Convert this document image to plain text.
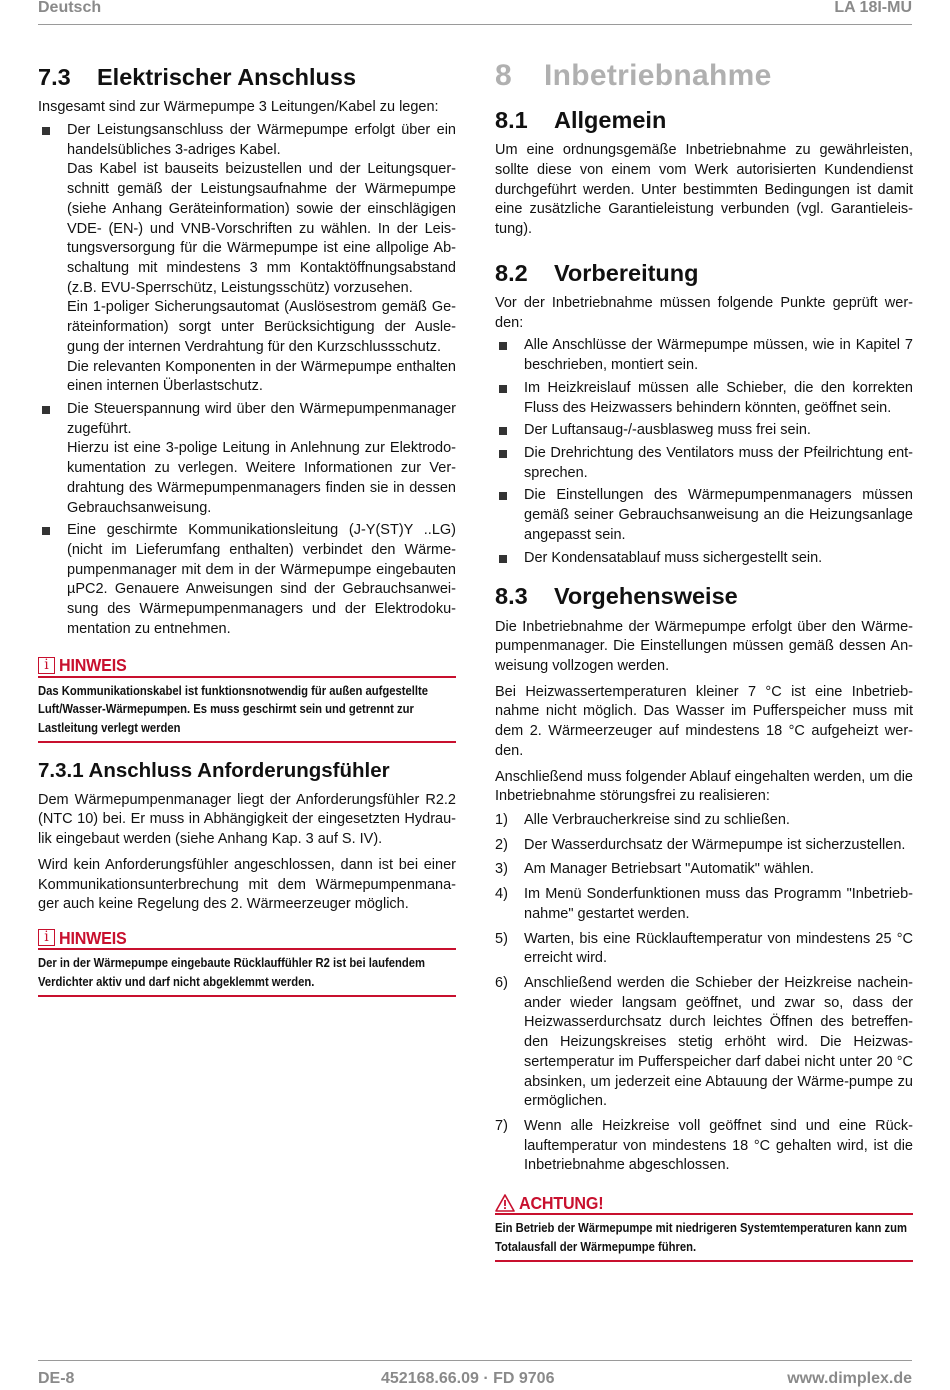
Deutsch	LA 18I-MU
7.3 Elektrischer Anschluss

Insgesamt sind zur Wärmepumpe 3 Leitungen/Kabel zu legen:

Der Leistungsanschluss der Wärmepumpe erfolgt über ein handelsübliches 3-adriges Kabel.

Das Kabel ist bauseits beizustellen und der Leitungsquer-schnitt gemäß der Leistungsaufnahme der Wärmepumpe (siehe Anhang Geräteinformation) sowie der einschlägigen VDE- (EN-) und VNB-Vorschriften zu wählen. In der Leis-tungsversorgung für die Wärmepumpe ist eine allpolige Ab-schaltung mit mindestens 3 mm Kontaktöffnungsabstand (z.B. EVU-Sperrschütz, Leistungsschütz) vorzusehen.

Ein 1-poliger Sicherungsautomat (Auslösestrom gemäß Ge-räteinformation) sorgt unter Berücksichtigung der Ausle-gung der internen Verdrahtung für den Kurzschlussschutz.

Die relevanten Komponenten in der Wärmepumpe enthalten einen internen Überlastschutz.

Die Steuerspannung wird über den Wärmepumpenmanager zugeführt.

Hierzu ist eine 3-polige Leitung in Anlehnung zur Elektrodo-kumentation zu verlegen. Weitere Informationen zur Ver-drahtung des Wärmepumpenmanagers finden sie in dessen Gebrauchsanweisung.

Eine geschirmte Kommunikationsleitung (J-Y(ST)Y ..LG) (nicht im Lieferumfang enthalten) verbindet den Wärme-pumpenmanager mit dem in der Wärmepumpe eingebauten µPC2. Genauere Anweisungen sind der Gebrauchsanwei-sung des Wärmepumpenmanagers und der Elektrodoku-mentation zu entnehmen.

i HINWEIS
Das Kommunikationskabel ist funktionsnotwendig für außen aufgestellte Luft/Wasser-Wärmepumpen. Es muss geschirmt sein und getrennt zur Lastleitung verlegt werden
7.3.1 Anschluss Anforderungsfühler

Dem Wärmepumpenmanager liegt der Anforderungsfühler R2.2 (NTC 10) bei. Er muss in Abhängigkeit der eingesetzten Hydrau-lik eingebaut werden (siehe Anhang Kap. 3 auf S. IV).

Wird kein Anforderungsfühler angeschlossen, dann ist bei einer Kommunikationsunterbrechung mit dem Wärmepumpenmana-ger auch keine Regelung des 2. Wärmeerzeuger möglich.

i HINWEIS
Der in der Wärmepumpe eingebaute Rücklauffühler R2 ist bei laufendem Verdichter aktiv und darf nicht abgeklemmt werden.
8 Inbetriebnahme
8.1 Allgemein

Um eine ordnungsgemäße Inbetriebnahme zu gewährleisten, sollte diese von einem vom Werk autorisierten Kundendienst durchgeführt werden. Unter bestimmten Bedingungen ist damit eine zusätzliche Garantieleistung verbunden (vgl. Garantieleis-tung).

8.2 Vorbereitung

Vor der Inbetriebnahme müssen folgende Punkte geprüft wer-den:

Alle Anschlüsse der Wärmepumpe müssen, wie in Kapitel 7 beschrieben, montiert sein.
Im Heizkreislauf müssen alle Schieber, die den korrekten Fluss des Heizwassers behindern könnten, geöffnet sein.
Der Luftansaug-/-ausblasweg muss frei sein.
Die Drehrichtung des Ventilators muss der Pfeilrichtung ent-sprechen.
Die Einstellungen des Wärmepumpenmanagers müssen gemäß seiner Gebrauchsanweisung an die Heizungsanlage angepasst sein.
Der Kondensatablauf muss sichergestellt sein.
8.3 Vorgehensweise

Die Inbetriebnahme der Wärmepumpe erfolgt über den Wärme-pumpenmanager. Die Einstellungen müssen gemäß dessen An-weisung vollzogen werden.

Bei Heizwassertemperaturen kleiner 7 °C ist eine Inbetrieb-nahme nicht möglich. Das Wasser im Pufferspeicher muss mit dem 2. Wärmeerzeuger auf mindestens 18 °C aufgeheizt wer-den.

Anschließend muss folgender Ablauf eingehalten werden, um die Inbetriebnahme störungsfrei zu realisieren:

1) Alle Verbraucherkreise sind zu schließen.
2) Der Wasserdurchsatz der Wärmepumpe ist sicherzustellen.
3) Am Manager Betriebsart "Automatik" wählen.
4) Im Menü Sonderfunktionen muss das Programm "Inbetrieb-nahme" gestartet werden.
5) Warten, bis eine Rücklauftemperatur von mindestens 25 °C erreicht wird.
6) Anschließend werden die Schieber der Heizkreise nachein-ander wieder langsam geöffnet, und zwar so, dass der Heizwasserdurchsatz durch leichtes Öffnen des betreffen-den Heizungskreises stetig erhöht wird. Die Heizwas-sertemperatur im Pufferspeicher darf dabei nicht unter 20 °C absinken, um jederzeit eine Abtauung der Wärme-pumpe zu ermöglichen.
7) Wenn alle Heizkreise voll geöffnet sind und eine Rück-lauftemperatur von mindestens 18 °C gehalten wird, ist die Inbetriebnahme abgeschlossen.
ACHTUNG!
Ein Betrieb der Wärmepumpe mit niedrigeren Systemtemperaturen kann zum Totalausfall der Wärmepumpe führen.
DE-8	452168.66.09 · FD 9706	www.dimplex.de
